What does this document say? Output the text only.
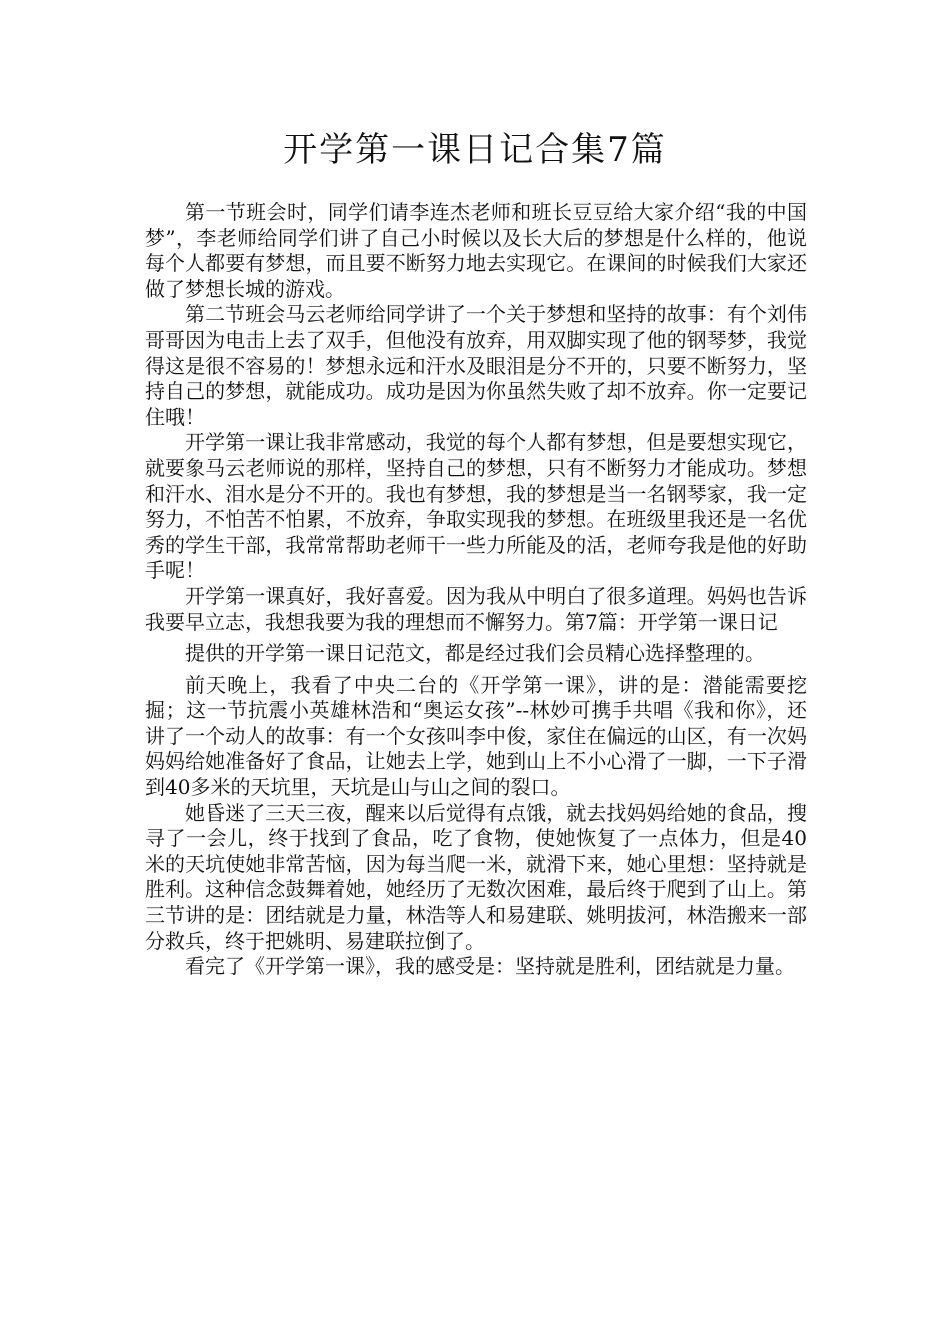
开学第一课日记合集7篇

第一节班会时，同学们请李连杰老师和班长豆豆给大家介绍“我的中国梦”，李老师给同学们讲了自己小时候以及长大后的梦想是什么样的，他说每个人都要有梦想，而且要不断努力地去实现它。在课间的时候我们大家还做了梦想长城的游戏。

第二节班会马云老师给同学讲了一个关于梦想和坚持的故事：有个刘伟哥哥因为电击上去了双手，但他没有放弃，用双脚实现了他的钢琴梦，我觉得这是很不容易的！梦想永远和汗水及眼泪是分不开的，只要不断努力，坚持自己的梦想，就能成功。成功是因为你虽然失败了却不放弃。你一定要记住哦！

开学第一课让我非常感动，我觉的每个人都有梦想，但是要想实现它，就要象马云老师说的那样，坚持自己的梦想，只有不断努力才能成功。梦想和汗水、泪水是分不开的。我也有梦想，我的梦想是当一名钢琴家，我一定努力，不怕苦不怕累，不放弃，争取实现我的梦想。在班级里我还是一名优秀的学生干部，我常常帮助老师干一些力所能及的活，老师夸我是他的好助手呢！

开学第一课真好，我好喜爱。因为我从中明白了很多道理。妈妈也告诉我要早立志，我想我要为我的理想而不懈努力。第7篇：开学第一课日记

提供的开学第一课日记范文，都是经过我们会员精心选择整理的。

前天晚上，我看了中央二台的《开学第一课》，讲的是：潜能需要挖掘；这一节抗震小英雄林浩和“奥运女孩”--林妙可携手共唱《我和你》，还讲了一个动人的故事：有一个女孩叫李中俊，家住在偏远的山区，有一次妈妈妈给她准备好了食品，让她去上学，她到山上不小心滑了一脚，一下子滑到40多米的天坑里，天坑是山与山之间的裂口。

她昏迷了三天三夜，醒来以后觉得有点饿，就去找妈妈给她的食品，搜寻了一会儿，终于找到了食品，吃了食物，使她恢复了一点体力，但是40米的天坑使她非常苦恼，因为每当爬一米，就滑下来，她心里想：坚持就是胜利。这种信念鼓舞着她，她经历了无数次困难，最后终于爬到了山上。第三节讲的是：团结就是力量，林浩等人和易建联、姚明拔河，林浩搬来一部分救兵，终于把姚明、易建联拉倒了。

看完了《开学第一课》，我的感受是：坚持就是胜利，团结就是力量。
